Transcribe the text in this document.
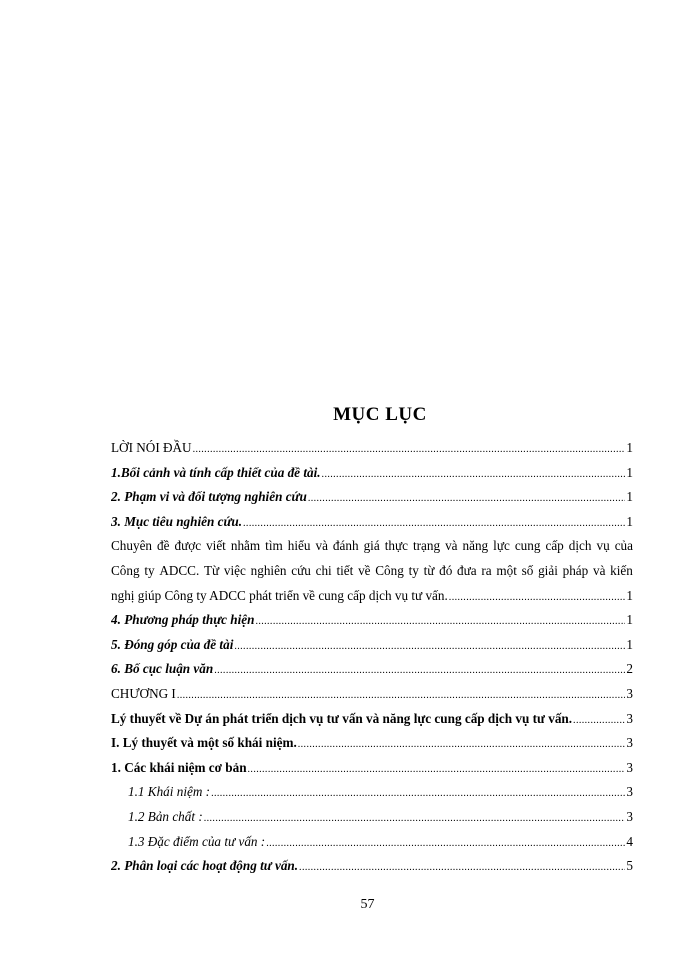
MỤC LỤC
LỜI NÓI ĐẦU .....	1
1.Bối cảnh và tính cấp thiết của đề tài. .....	1
2. Phạm vi và đối tượng nghiên cứu .....	1
3. Mục tiêu nghiên cứu. .....	1
Chuyên đề được viết nhằm tìm hiểu và đánh giá thực trạng và năng lực cung cấp dịch vụ của
Công ty ADCC. Từ việc nghiên cứu chi tiết về Công ty từ đó đưa ra một số giải pháp và kiến
nghị giúp Công ty ADCC phát triển về cung cấp dịch vụ tư vấn. .....	1
4. Phương pháp thực hiện .....	1
5. Đóng góp của đề tài .....	1
6. Bố cục luận văn .....	2
CHƯƠNG I .....	3
Lý thuyết về Dự án phát triển dịch vụ tư vấn và năng lực cung cấp dịch vụ tư vấn. .....	3
I. Lý thuyết và một số khái niệm. .....	3
1. Các khái niệm cơ bản .....	3
1.1 Khái niệm : .....	3
1.2 Bản chất : .....	3
1.3 Đặc điểm của tư vấn : .....	4
2. Phân loại các hoạt động tư vấn. .....	5
57
